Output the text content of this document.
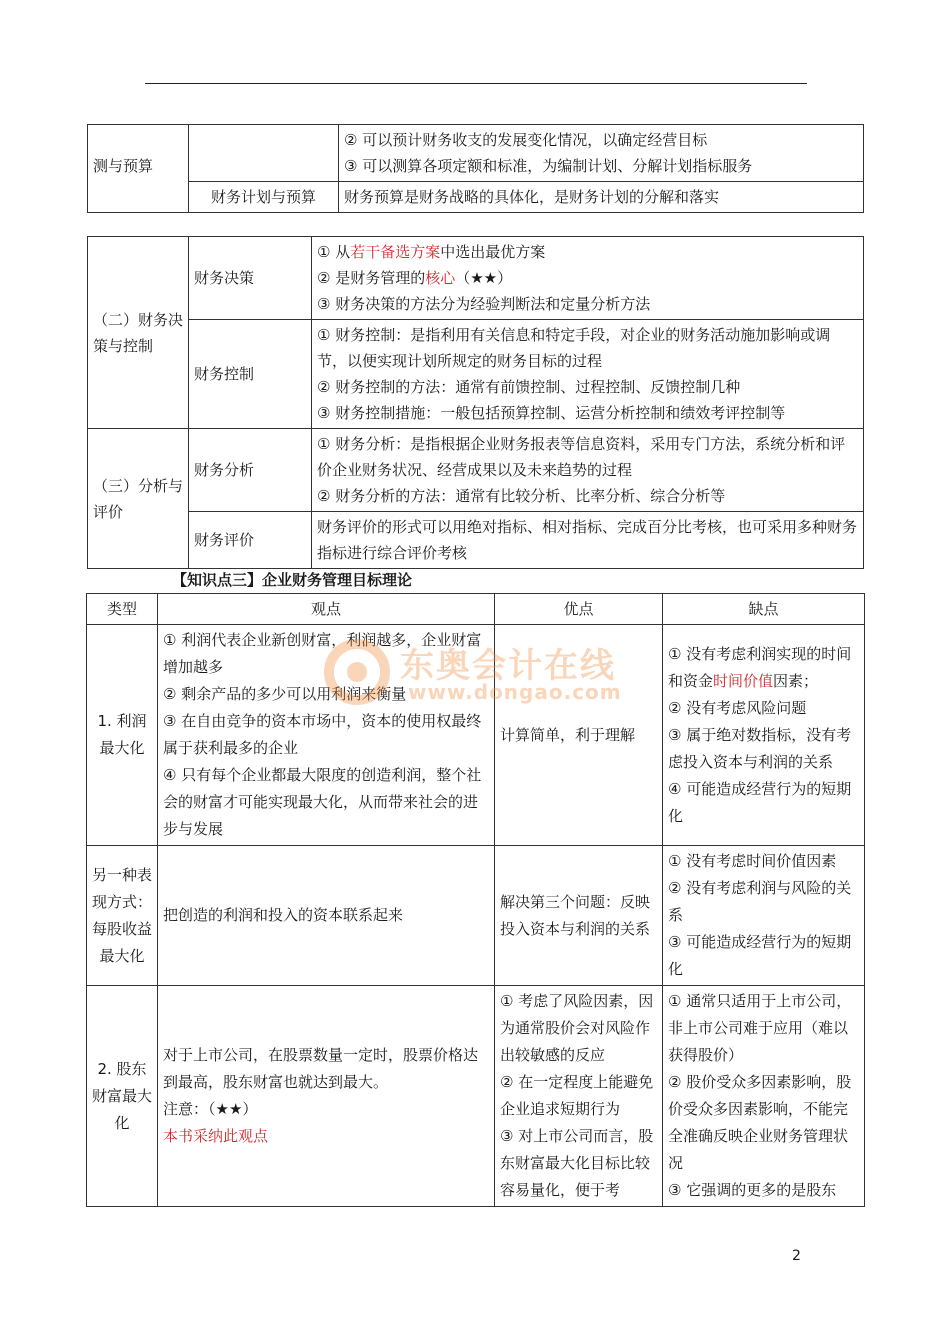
测与预算		② 可以预计财务收支的发展变化情况，以确定经营目标
③ 可以测算各项定额和标准，为编制计划、分解计划指标服务

	财务计划与预算	财务预算是财务战略的具体化，是财务计划的分解和落实
（二）财务决策与控制	财务决策	① 从若干备选方案中选出最优方案
② 是财务管理的核心（★★）
③ 财务决策的方法分为经验判断法和定量分析方法

	财务控制	① 财务控制：是指利用有关信息和特定手段，对企业的财务活动施加影响或调节，以便实现计划所规定的财务目标的过程
② 财务控制的方法：通常有前馈控制、过程控制、反馈控制几种
③ 财务控制措施：一般包括预算控制、运营分析控制和绩效考评控制等

（三）分析与评价	财务分析	① 财务分析：是指根据企业财务报表等信息资料，采用专门方法，系统分析和评价企业财务状况、经营成果以及未来趋势的过程
② 财务分析的方法：通常有比较分析、比率分析、综合分析等

	财务评价	财务评价的形式可以用绝对指标、相对指标、完成百分比考核，也可采用多种财务指标进行综合评价考核
【知识点三】企业财务管理目标理论
类型	观点	优点	缺点
1. 利润最大化	① 利润代表企业新创财富，利润越多，企业财富增加越多
② 剩余产品的多少可以用利润来衡量
③ 在自由竞争的资本市场中，资本的使用权最终属于获利最多的企业
④ 只有每个企业都最大限度的创造利润，整个社会的财富才可能实现最大化，从而带来社会的进步与发展	计算简单，利于理解	① 没有考虑利润实现的时间和资金时间价值因素；
② 没有考虑风险问题
③ 属于绝对数指标，没有考虑投入资本与利润的关系
④ 可能造成经营行为的短期化

另一种表现方式：每股收益最大化	把创造的利润和投入的资本联系起来	解决第三个问题：反映投入资本与利润的关系	① 没有考虑时间价值因素
② 没有考虑利润与风险的关系
③ 可能造成经营行为的短期化

2. 股东财富最大化	对于上市公司，在股票数量一定时，股票价格达到最高，股东财富也就达到最大。
注意：（★★）
本书采纳此观点	① 考虑了风险因素，因为通常股价会对风险作出较敏感的反应
② 在一定程度上能避免企业追求短期行为
③ 对上市公司而言，股东财富最大化目标比较容易量化，便于考	① 通常只适用于上市公司，非上市公司难于应用（难以获得股价）
② 股价受众多因素影响，股价受众多因素影响，不能完全准确反映企业财务管理状况
③ 它强调的更多的是股东
东奥会计在线
www.dongao.com
2
